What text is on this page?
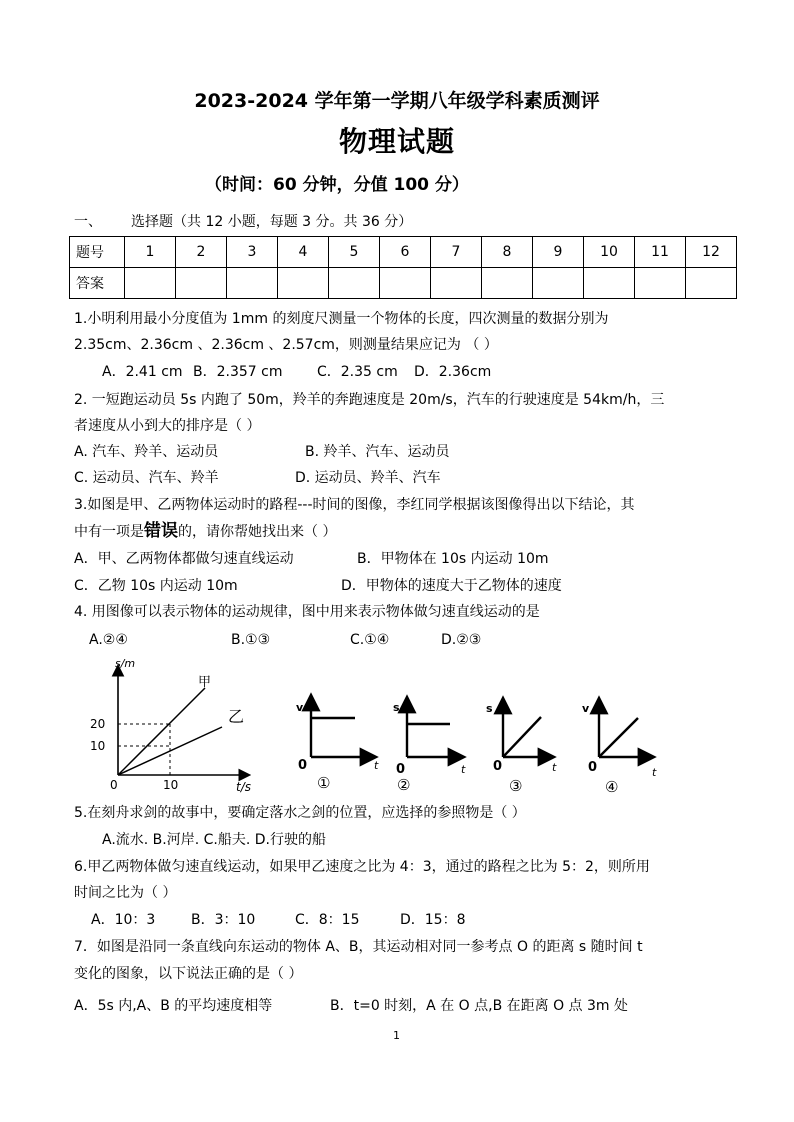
2023-2024 学年第一学期八年级学科素质测评
物理试题
（时间：60 分钟，分值 100 分）
一、 选择题（共 12 小题，每题 3 分。共 36 分）
题号	1	2	3	4	5	6	7	8	9	10	11	12
答案												
1.小明利用最小分度值为 1mm 的刻度尺测量一个物体的长度，四次测量的数据分别为
2.35cm、2.36cm 、2.36cm 、2.57cm，则测量结果应记为 （ ）
A．2.41 cm B．2.357 cm C．2.35 cm D．2.36cm
2. 一短跑运动员 5s 内跑了 50m，羚羊的奔跑速度是 20m/s，汽车的行驶速度是 54km/h，三
者速度从小到大的排序是（ ）
A. 汽车、羚羊、运动员	B. 羚羊、汽车、运动员
C. 运动员、汽车、羚羊	D. 运动员、羚羊、汽车
3.如图是甲、乙两物体运动时的路程---时间的图像，李红同学根据该图像得出以下结论，其
中有一项是错误的，请你帮她找出来（ ）
A．甲、乙两物体都做匀速直线运动	B．甲物体在 10s 内运动 10m
C．乙物 10s 内运动 10m	D．甲物体的速度大于乙物体的速度
4. 用图像可以表示物体的运动规律，图中用来表示物体做匀速直线运动的是
A.②④	B.①③	C.①④	D.②③
s/m
t/s
甲
乙
20
10
10
0
v
0	t
①
s
0	t
②
s
0	t
③
v
0	t
④
5.在刻舟求剑的故事中，要确定落水之剑的位置，应选择的参照物是（ ）
A.流水. B.河岸. C.船夫. D.行驶的船
6.甲乙两物体做匀速直线运动，如果甲乙速度之比为 4：3，通过的路程之比为 5：2，则所用
时间之比为（ ）
A．10：3	B．3：10	C．8：15	D．15：8
7．如图是沿同一条直线向东运动的物体 A、B，其运动相对同一参考点 O 的距离 s 随时间 t
变化的图象，以下说法正确的是（ ）
A．5s 内,A、B 的平均速度相等	B．t=0 时刻，A 在 O 点,B 在距离 O 点 3m 处
1
